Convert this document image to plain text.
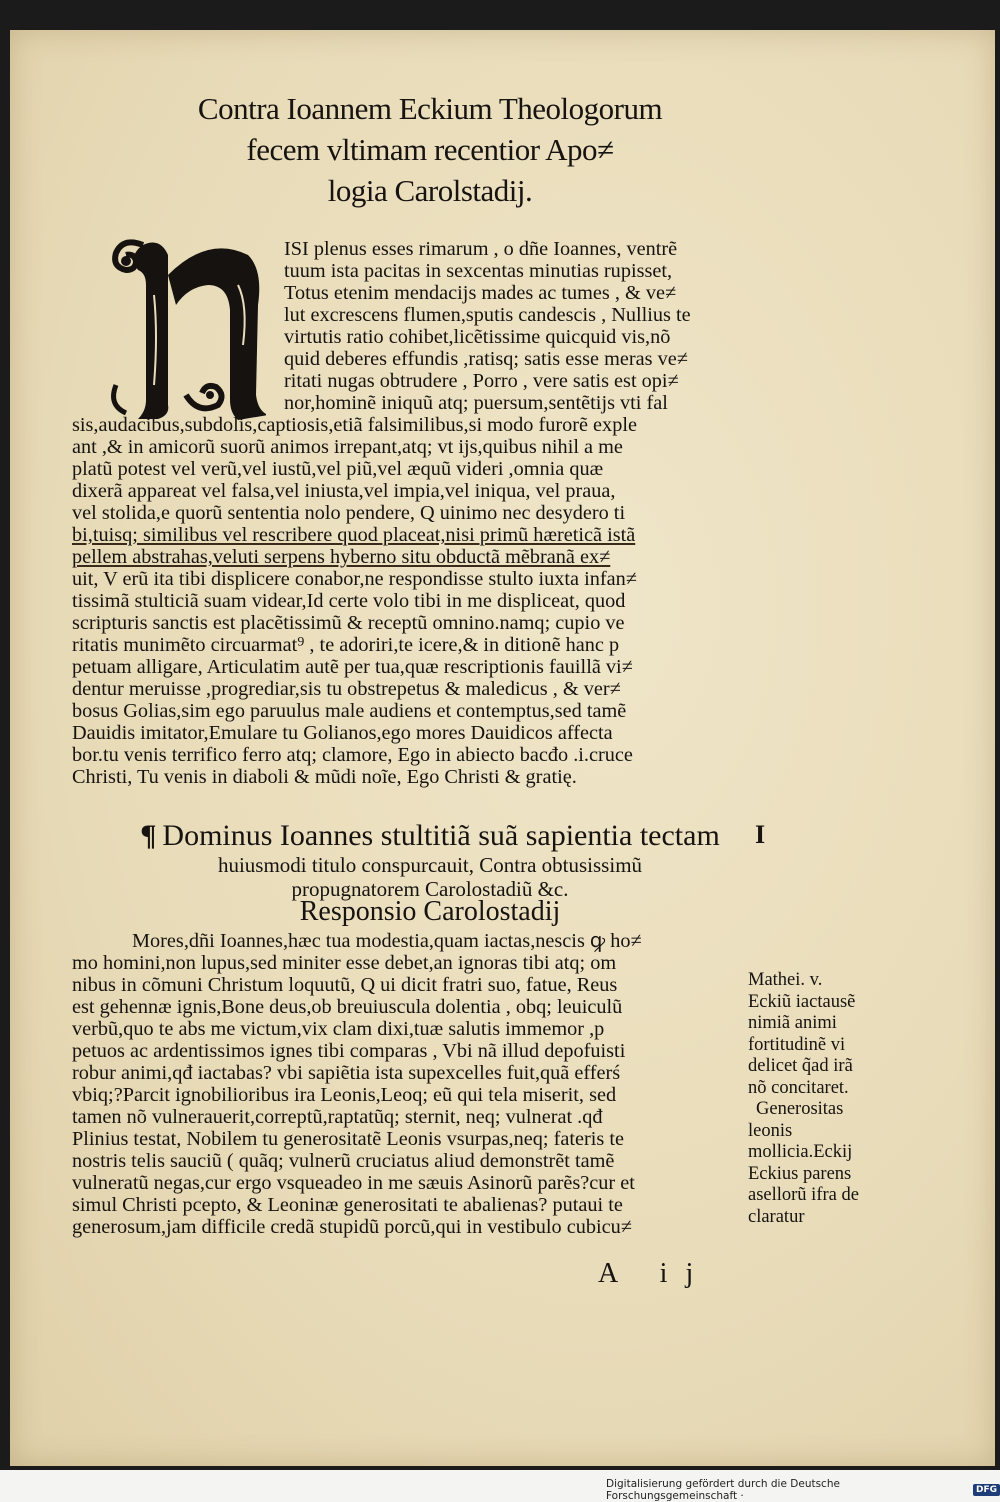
Contra Ioannem Eckium Theologorum
fecem vltimam recentior Apo≠
logia Carolstadij.
N
ISI plenus esses rimarum , o dñe Ioannes, ventrẽ
tuum ista pacitas in sexcentas minutias rupisset,
Totus etenim mendacijs mades ac tumes , & ve≠
lut excrescens flumen,sputis candescis , Nullius te
virtutis ratio cohibet,licẽtissime quicquid vis,nõ
quid deberes effundis ,ratisq; satis esse meras ve≠
ritati nugas obtrudere , Porro , vere satis est opi≠
nor,hominẽ iniquũ atq; puersum,sentẽtijs vti fal
sis,audacibus,subdolis,captiosis,etiã falsimilibus,si modo furorẽ exple
ant ,& in amicorũ suorũ animos irrepant,atq; vt ijs,quibus nihil a me
platũ potest vel verũ,vel iustũ,vel piũ,vel æquũ videri ,omnia quæ
dixerã appareat vel falsa,vel iniusta,vel impia,vel iniqua, vel praua,
vel stolida,e quorũ sententia nolo pendere, Q uinimo nec desydero ti
bi,tuisq; similibus vel rescribere quod placeat,nisi primũ hæreticã istã
pellem abstrahas,veluti serpens hyberno situ obductã mẽbranã ex≠
uit, V erũ ita tibi displicere conabor,ne respondisse stulto iuxta infan≠
tissimã stulticiã suam videar,Id certe volo tibi in me displiceat, quod
scripturis sanctis est placẽtissimũ & receptũ omnino.namq; cupio ve
ritatis munimẽto circuarmat⁹ , te adoriri,te icere,& in ditionẽ hanc p
petuam alligare, Articulatim autẽ per tua,quæ rescriptionis fauillã vi≠
dentur meruisse ,progrediar,sis tu obstrepetus & maledicus , & ver≠
bosus Golias,sim ego paruulus male audiens et contemptus,sed tamẽ
Dauidis imitator,Emulare tu Golianos,ego mores Dauidicos affecta
bor.tu venis terrifico ferro atq; clamore, Ego in abiecto bacđo .i.cruce
Christi, Tu venis in diaboli & mũdi noĩe, Ego Christi & gratię.
¶ Dominus Ioannes stultitiã suã sapientia tectam
huiusmodi titulo conspurcauit, Contra obtusissimũ
propugnatorem Carolostadiũ &c.
I
Responsio Carolostadij
Mores,dñi Ioannes,hæc tua modestia,quam iactas,nescis ꝙ ho≠
mo homini,non lupus,sed miniter esse debet,an ignoras tibi atq; om
nibus in cõmuni Christum loquutũ, Q ui dicit fratri suo, fatue, Reus
est gehennæ ignis,Bone deus,ob breuiuscula dolentia , obq; leuiculũ
verbũ,quo te abs me victum,vix clam dixi,tuæ salutis immemor ,p
petuos ac ardentissimos ignes tibi comparas , Vbi nã illud depofuisti
robur animi,qđ iactabas? vbi sapiẽtia ista supexcelles fuit,quã efferś
vbiq;?Parcit ignobilioribus ira Leonis,Leoq; eũ qui tela miserit, sed
tamen nõ vulnerauerit,correptũ,raptatũq; sternit, neq; vulnerat .qđ
Plinius testat, Nobilem tu generositatẽ Leonis vsurpas,neq; fateris te
nostris telis sauciũ ( quãq; vulnerũ cruciatus aliud demonstrẽt tamẽ
vulneratũ negas,cur ergo vsqueadeo in me sæuis Asinorũ parẽs?cur et
simul Christi pcepto, & Leoninæ generositati te abalienas? putaui te
generosum,jam difficile credã stupidũ porcũ,qui in vestibulo cubicu≠
Mathei. v.
Eckiũ iactausẽ
nimiã animi
fortitudinẽ vi
delicet q̃ad irã
nõ concitaret.
Generositas
leonis
mollicia.Eckij
Eckius parens
asellorũ ifra de
claratur
A ij
Digitalisierung gefördert durch die Deutsche Forschungsgemeinschaft ·	DFG
